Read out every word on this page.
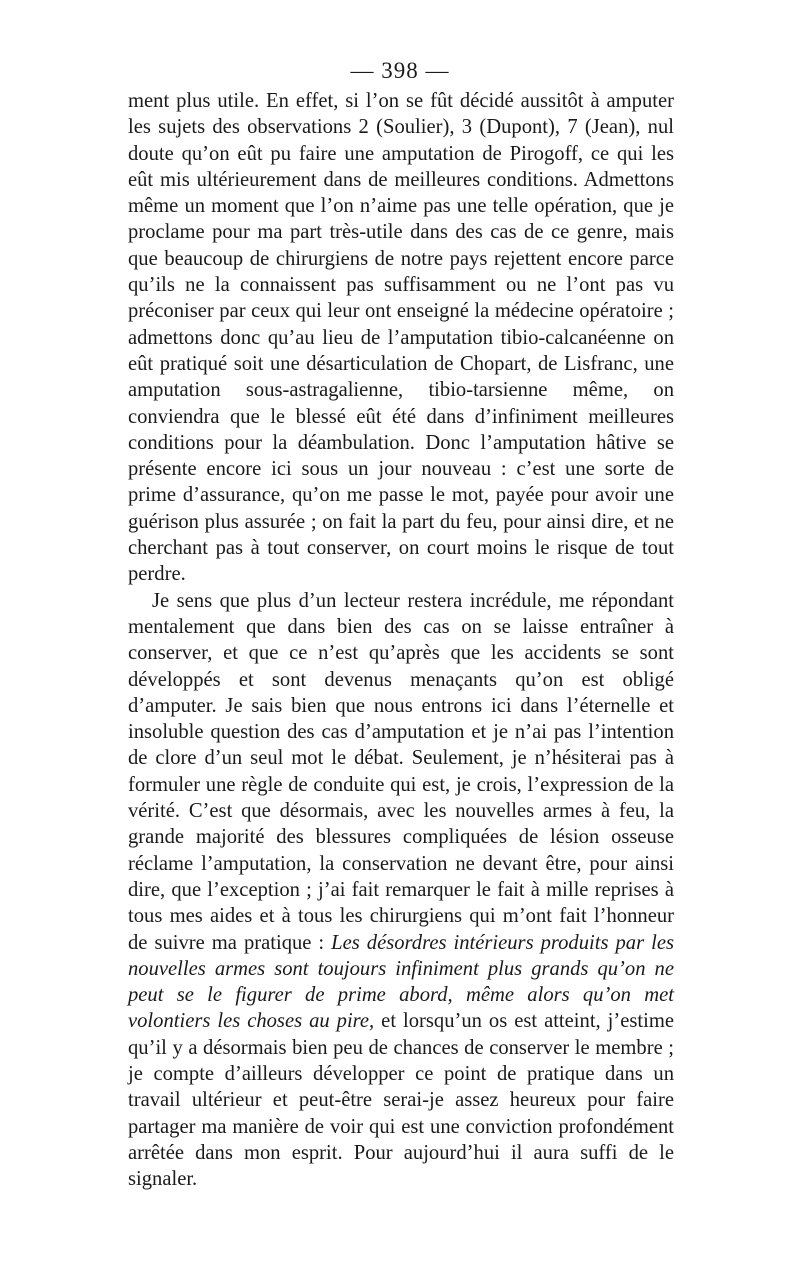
— 398 —

ment plus utile. En effet, si l’on se fût décidé aussitôt à amputer les sujets des observations 2 (Soulier), 3 (Dupont), 7 (Jean), nul doute qu’on eût pu faire une amputation de Pirogoff, ce qui les eût mis ultérieurement dans de meilleures conditions. Admettons même un moment que l’on n’aime pas une telle opération, que je proclame pour ma part très-utile dans des cas de ce genre, mais que beaucoup de chirurgiens de notre pays rejettent encore parce qu’ils ne la connaissent pas suffisamment ou ne l’ont pas vu préconiser par ceux qui leur ont enseigné la médecine opératoire ; admettons donc qu’au lieu de l’amputation tibio-calcanéenne on eût pratiqué soit une désarticulation de Chopart, de Lisfranc, une amputation sous-astragalienne, tibio-tarsienne même, on conviendra que le blessé eût été dans d’infiniment meilleures conditions pour la déambulation. Donc l’amputation hâtive se présente encore ici sous un jour nouveau : c’est une sorte de prime d’assurance, qu’on me passe le mot, payée pour avoir une guérison plus assurée ; on fait la part du feu, pour ainsi dire, et ne cherchant pas à tout conserver, on court moins le risque de tout perdre.

Je sens que plus d’un lecteur restera incrédule, me répondant mentalement que dans bien des cas on se laisse entraîner à conserver, et que ce n’est qu’après que les accidents se sont développés et sont devenus menaçants qu’on est obligé d’amputer. Je sais bien que nous entrons ici dans l’éternelle et insoluble question des cas d’amputation et je n’ai pas l’intention de clore d’un seul mot le débat. Seulement, je n’hésiterai pas à formuler une règle de conduite qui est, je crois, l’expression de la vérité. C’est que désormais, avec les nouvelles armes à feu, la grande majorité des blessures compliquées de lésion osseuse réclame l’amputation, la conservation ne devant être, pour ainsi dire, que l’exception ; j’ai fait remarquer le fait à mille reprises à tous mes aides et à tous les chirurgiens qui m’ont fait l’honneur de suivre ma pratique : Les désordres intérieurs produits par les nouvelles armes sont toujours infiniment plus grands qu’on ne peut se le figurer de prime abord, même alors qu’on met volontiers les choses au pire, et lorsqu’un os est atteint, j’estime qu’il y a désormais bien peu de chances de conserver le membre ; je compte d’ailleurs développer ce point de pratique dans un travail ultérieur et peut-être serai-je assez heureux pour faire partager ma manière de voir qui est une conviction profondément arrêtée dans mon esprit. Pour aujourd’hui il aura suffi de le signaler.
